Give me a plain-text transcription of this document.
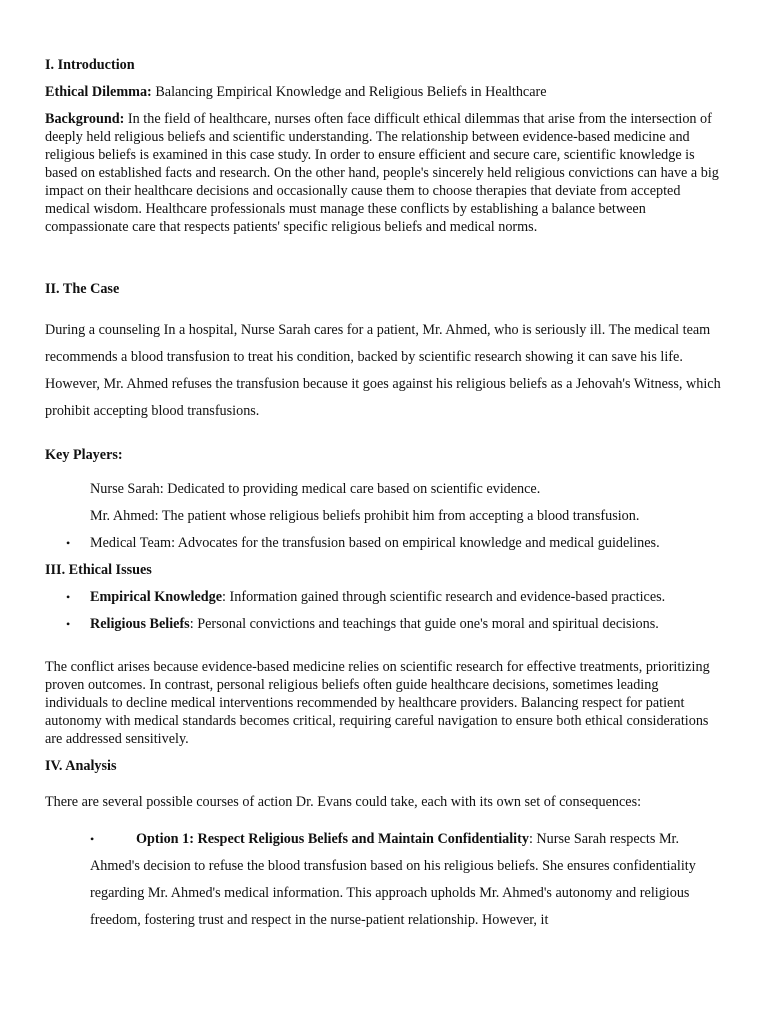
I. Introduction
Ethical Dilemma: Balancing Empirical Knowledge and Religious Beliefs in Healthcare
Background: In the field of healthcare, nurses often face difficult ethical dilemmas that arise from the intersection of deeply held religious beliefs and scientific understanding. The relationship between evidence-based medicine and religious beliefs is examined in this case study. In order to ensure efficient and secure care, scientific knowledge is based on established facts and research. On the other hand, people's sincerely held religious convictions can have a big impact on their healthcare decisions and occasionally cause them to choose therapies that deviate from accepted medical wisdom. Healthcare professionals must manage these conflicts by establishing a balance between compassionate care that respects patients' specific religious beliefs and medical norms.
II. The Case
During a counseling In a hospital, Nurse Sarah cares for a patient, Mr. Ahmed, who is seriously ill. The medical team recommends a blood transfusion to treat his condition, backed by scientific research showing it can save his life. However, Mr. Ahmed refuses the transfusion because it goes against his religious beliefs as a Jehovah's Witness, which prohibit accepting blood transfusions.
Key Players:
Nurse Sarah: Dedicated to providing medical care based on scientific evidence.
Mr. Ahmed: The patient whose religious beliefs prohibit him from accepting a blood transfusion.
• Medical Team: Advocates for the transfusion based on empirical knowledge and medical guidelines.
III. Ethical Issues
• Empirical Knowledge: Information gained through scientific research and evidence-based practices.
• Religious Beliefs: Personal convictions and teachings that guide one's moral and spiritual decisions.
The conflict arises because evidence-based medicine relies on scientific research for effective treatments, prioritizing proven outcomes. In contrast, personal religious beliefs often guide healthcare decisions, sometimes leading individuals to decline medical interventions recommended by healthcare providers. Balancing respect for patient autonomy with medical standards becomes critical, requiring careful navigation to ensure both ethical considerations are addressed sensitively.
IV. Analysis
There are several possible courses of action Dr. Evans could take, each with its own set of consequences:
•	Option 1: Respect Religious Beliefs and Maintain Confidentiality: Nurse Sarah respects Mr. Ahmed's decision to refuse the blood transfusion based on his religious beliefs. She ensures confidentiality regarding Mr. Ahmed's medical information. This approach upholds Mr. Ahmed's autonomy and religious freedom, fostering trust and respect in the nurse-patient relationship. However, it
